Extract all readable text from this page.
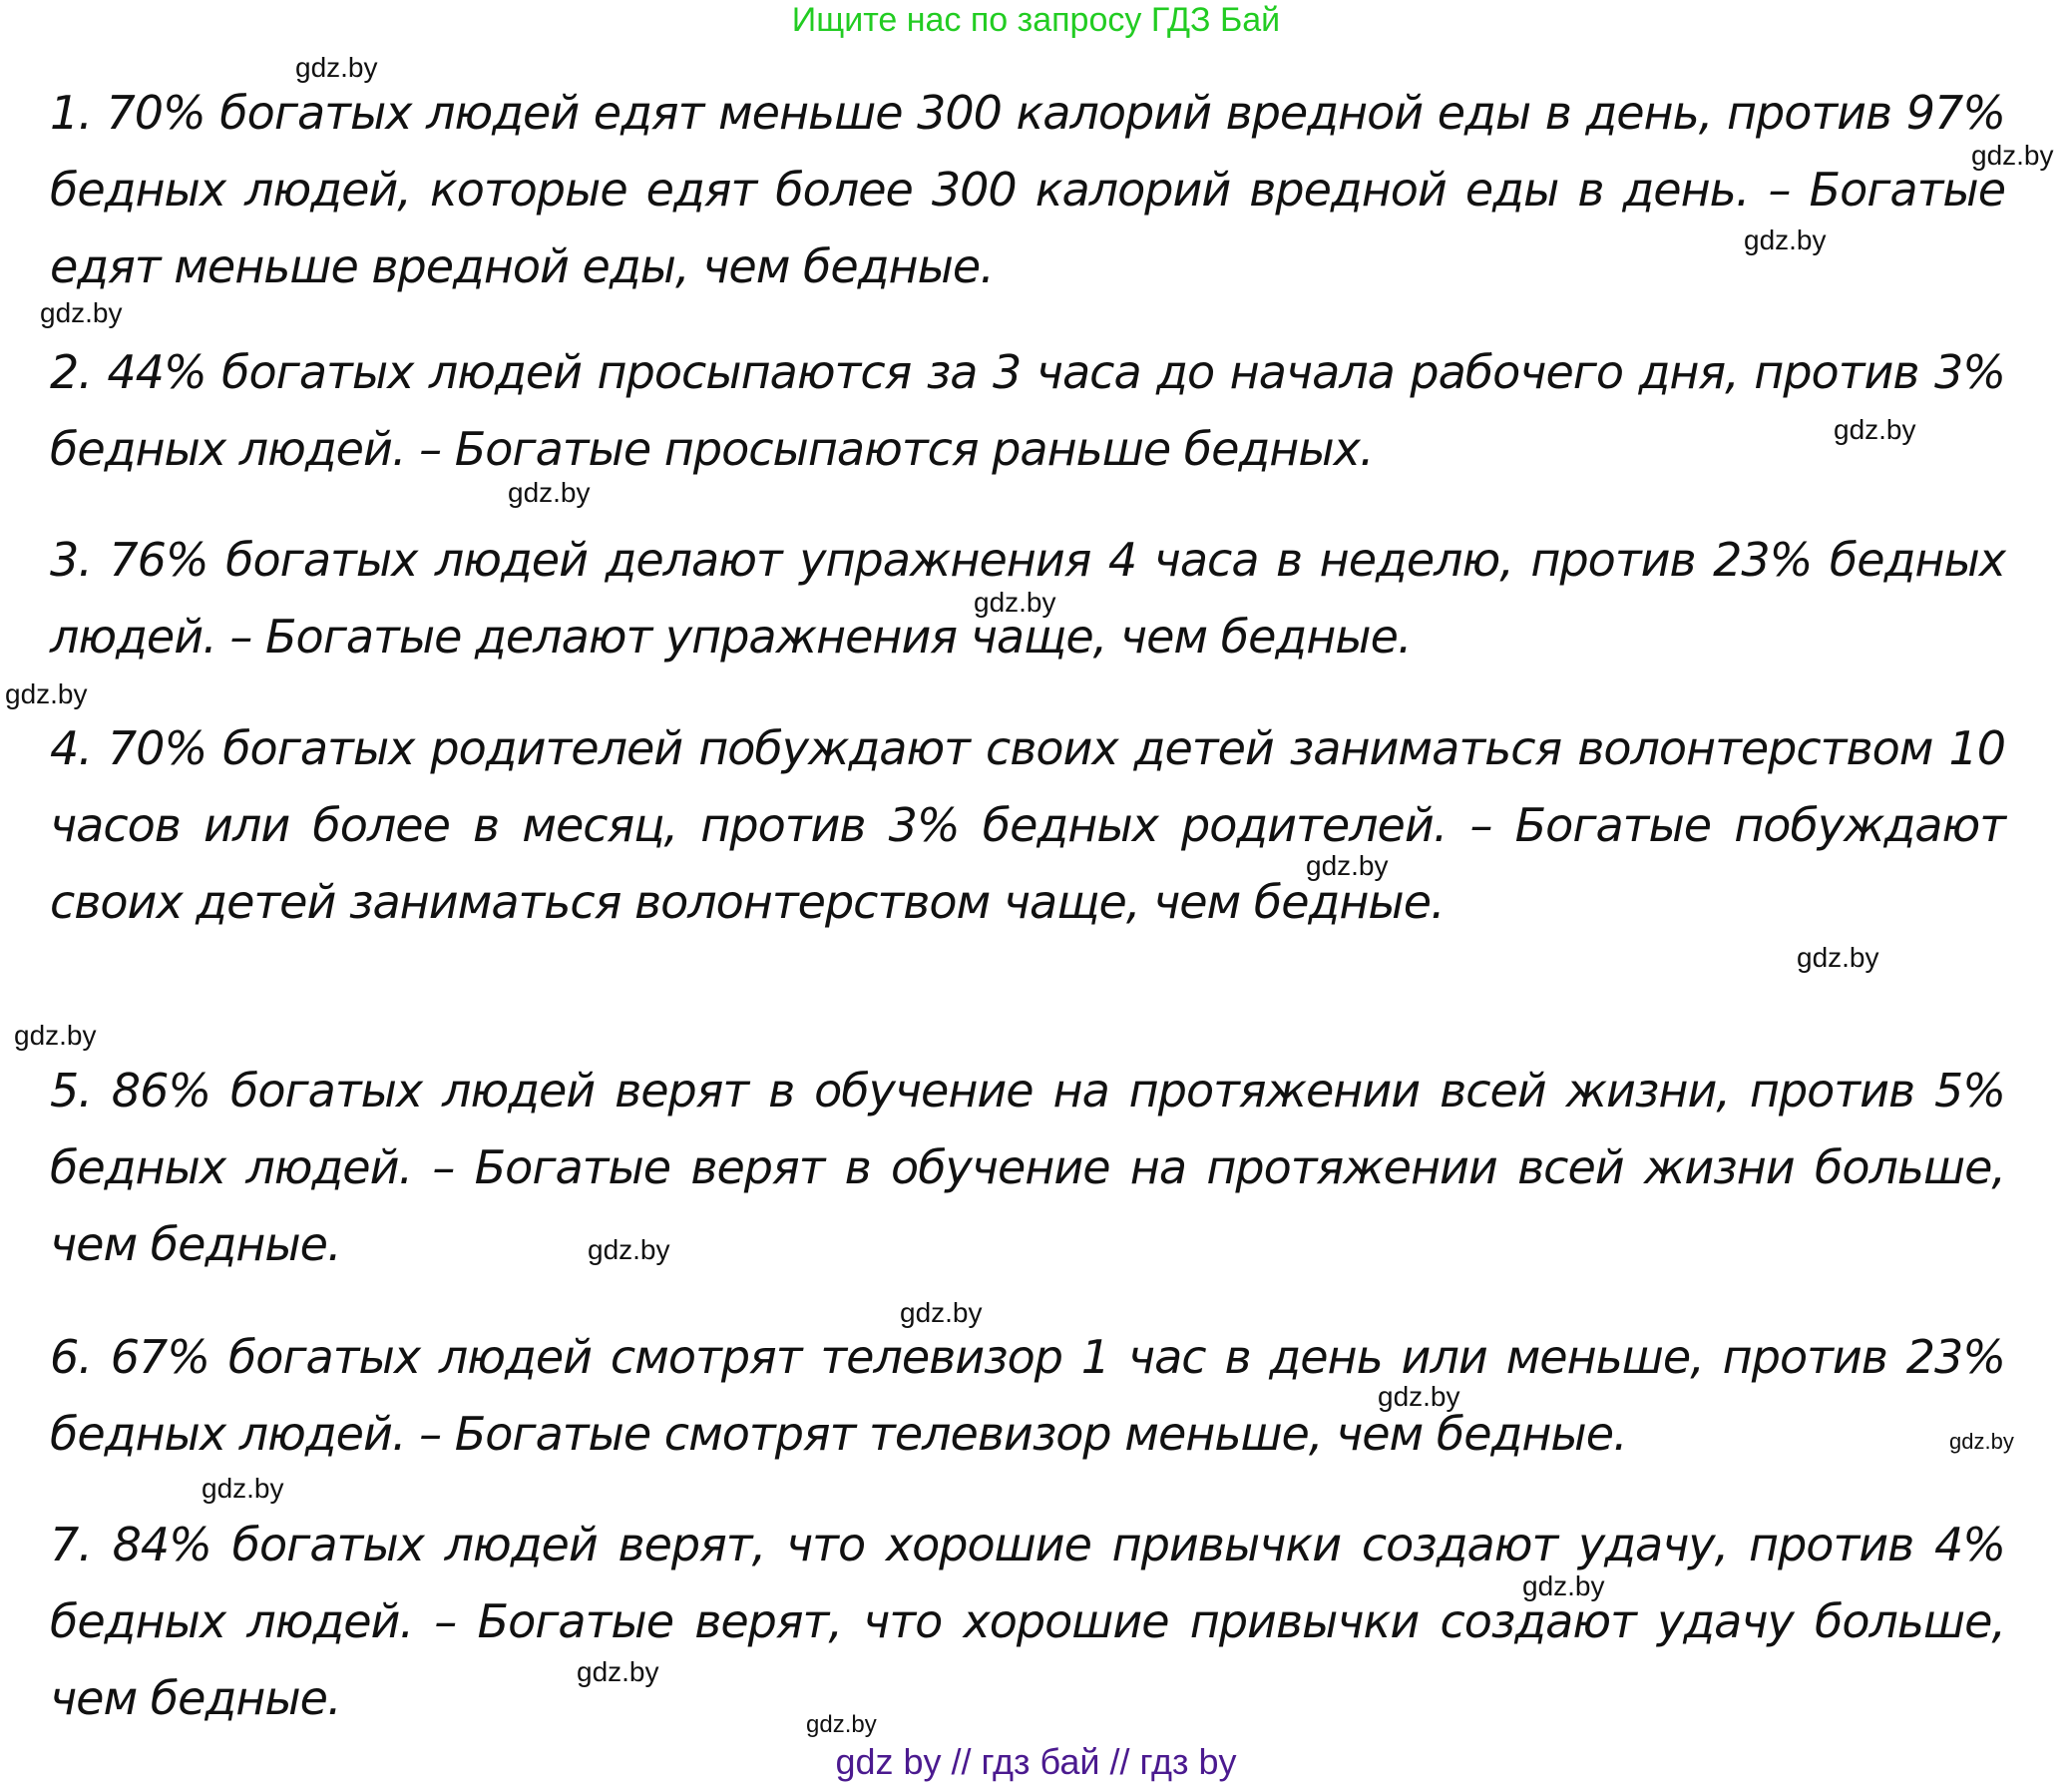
Ищите нас по запросу ГДЗ Бай
1. 70% богатых людей едят меньше 300 калорий вредной еды в день, против 97% бедных людей, которые едят более 300 калорий вредной еды в день. – Богатые едят меньше вредной еды, чем бедные.
2. 44% богатых людей просыпаются за 3 часа до начала рабочего дня, против 3% бедных людей. – Богатые просыпаются раньше бедных.
3. 76% богатых людей делают упражнения 4 часа в неделю, против 23% бедных людей. – Богатые делают упражнения чаще, чем бедные.
4. 70% богатых родителей побуждают своих детей заниматься волонтерством 10 часов или более в месяц, против 3% бедных родителей. – Богатые побуждают своих детей заниматься волонтерством чаще, чем бедные.
5. 86% богатых людей верят в обучение на протяжении всей жизни, против 5% бедных людей. – Богатые верят в обучение на протяжении всей жизни больше, чем бедные.
6. 67% богатых людей смотрят телевизор 1 час в день или меньше, против 23% бедных людей. – Богатые смотрят телевизор меньше, чем бедные.
7. 84% богатых людей верят, что хорошие привычки создают удачу, против 4% бедных людей. – Богатые верят, что хорошие привычки создают удачу больше, чем бедные.
gdz.by
gdz.by
gdz.by
gdz.by
gdz.by
gdz.by
gdz.by
gdz.by
gdz.by
gdz.by
gdz.by
gdz.by
gdz.by
gdz.by
gdz.by
gdz.by
gdz.by
gdz.by
gdz.by
gdz by // гдз бай // гдз by
